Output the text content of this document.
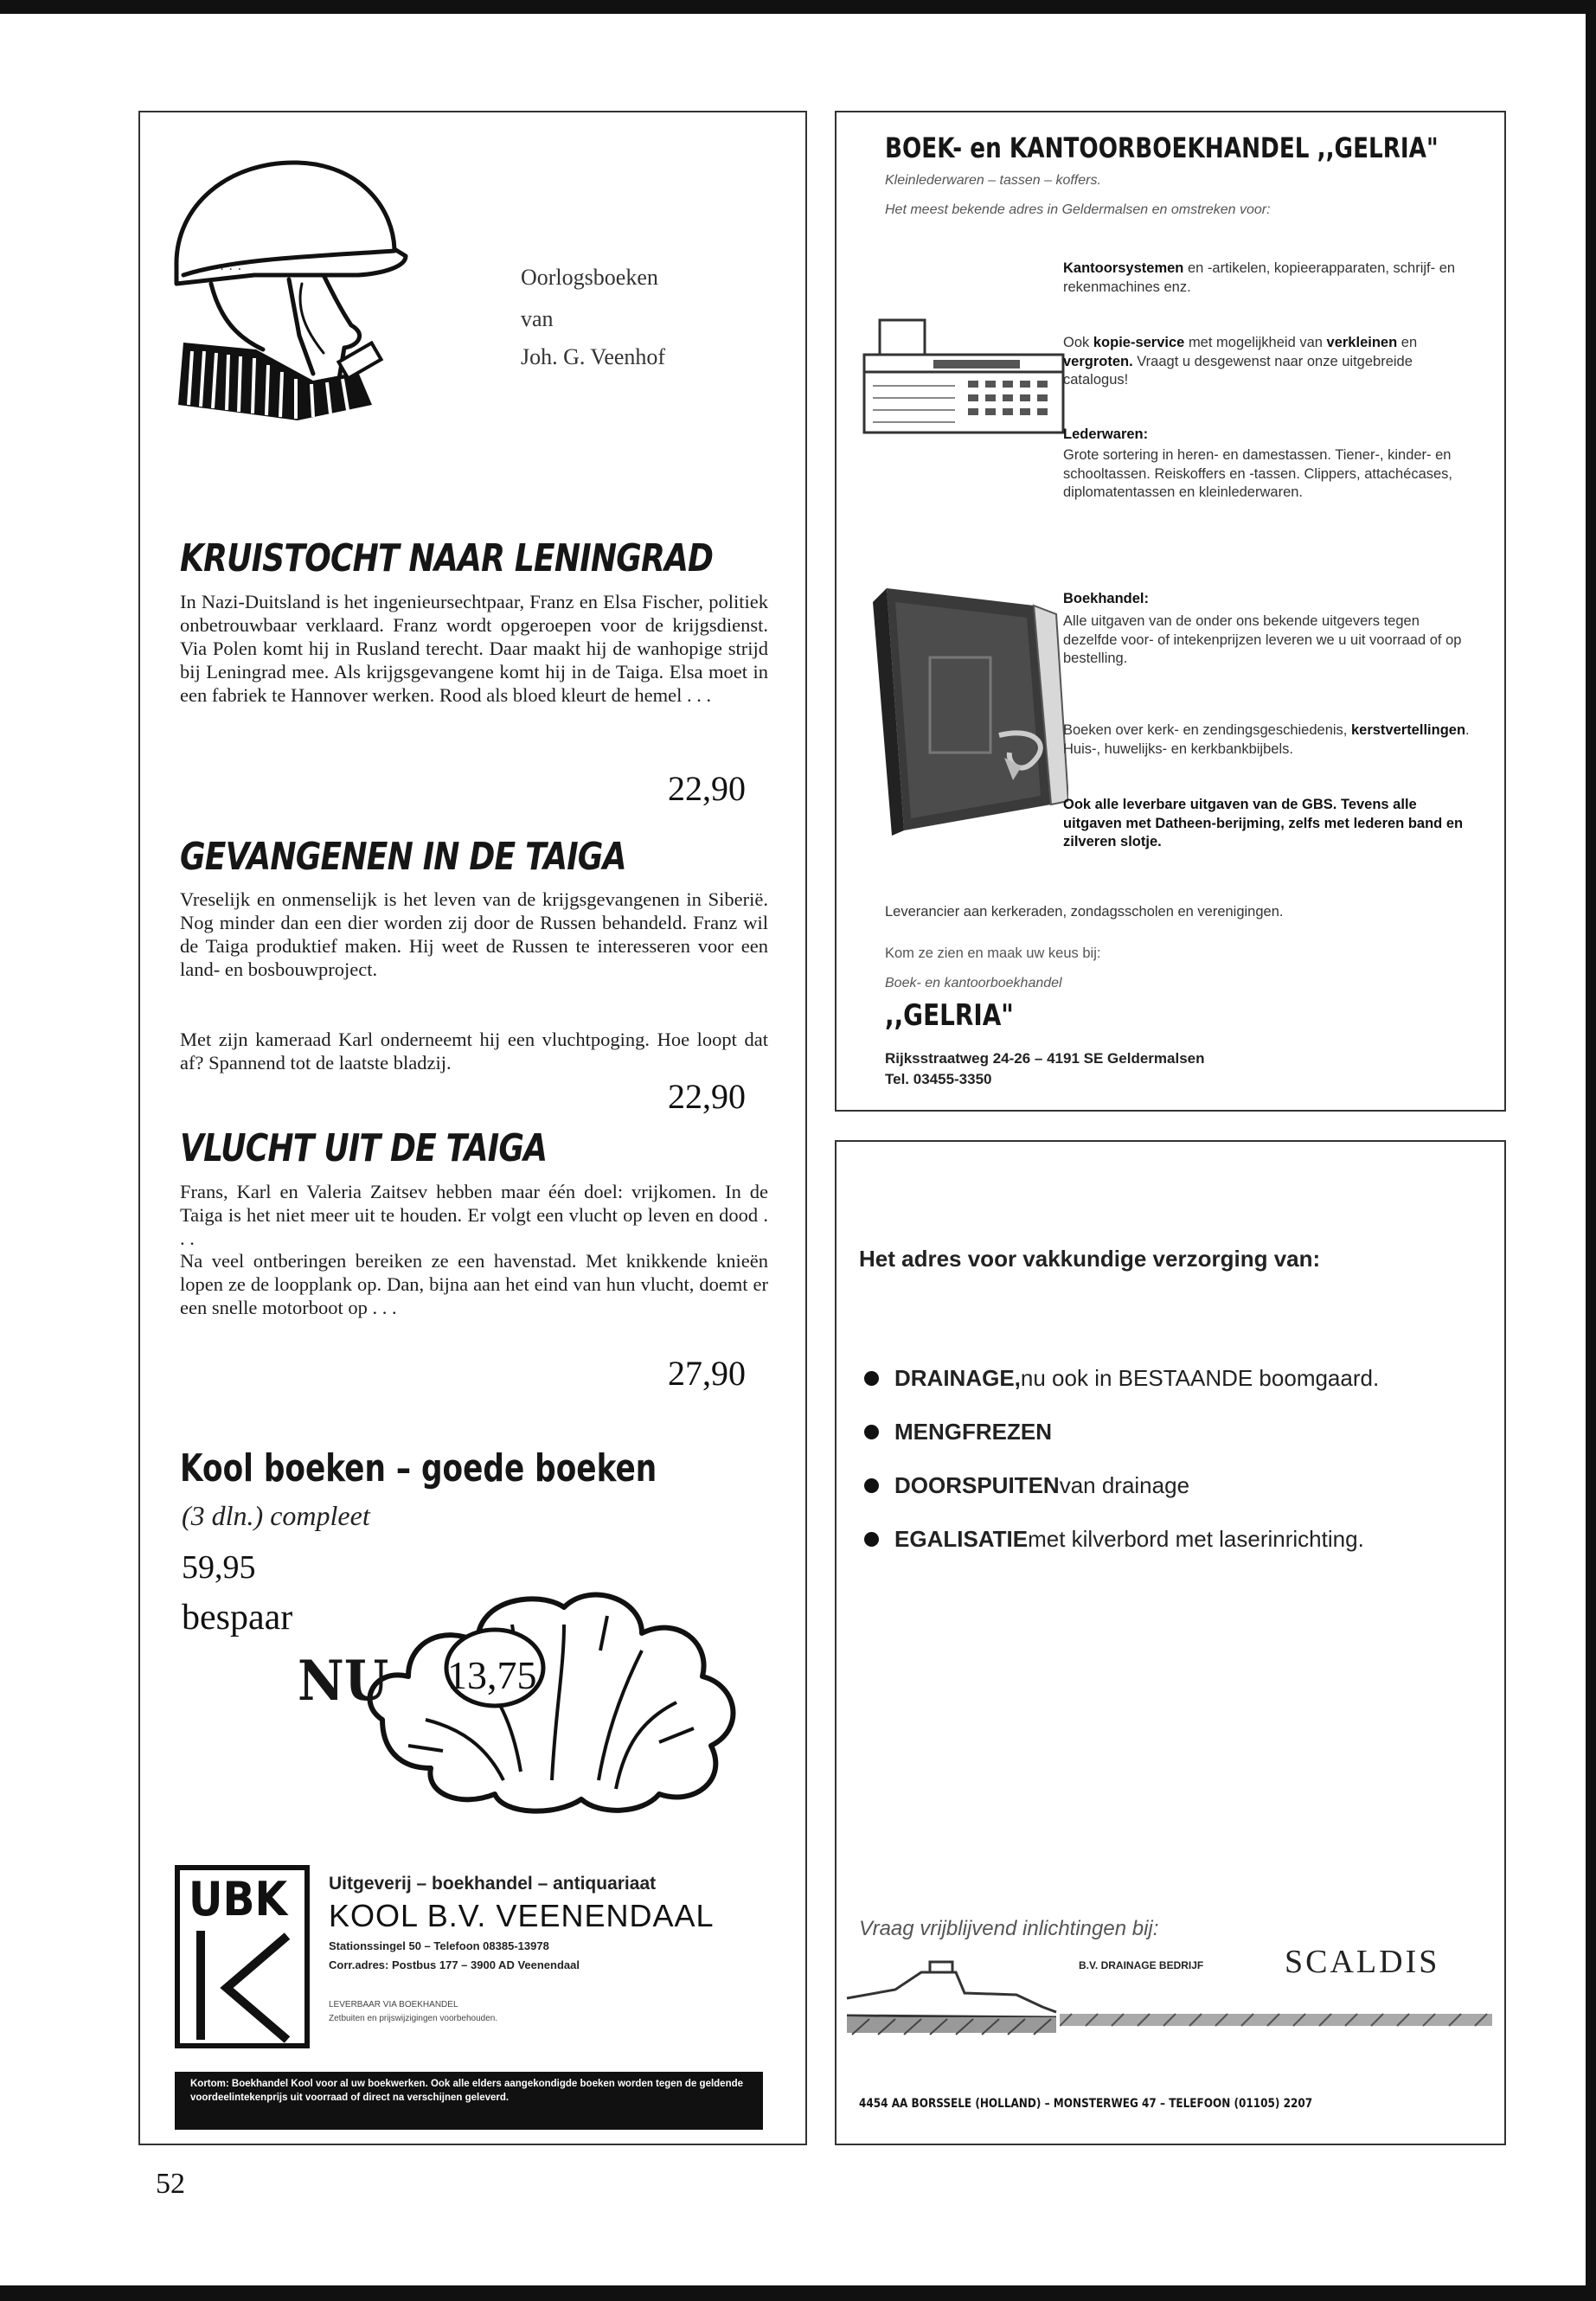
. . .	Oorlogsboeken
van
Joh. G. Veenhof
KRUISTOCHT NAAR LENINGRAD
In Nazi-Duitsland is het ingenieursechtpaar, Franz en Elsa Fischer, politiek onbetrouwbaar verklaard. Franz wordt opgeroepen voor de krijgsdienst. Via Polen komt hij in Rusland terecht. Daar maakt hij de wanhopige strijd bij Leningrad mee. Als krijgsgevangene komt hij in de Taiga. Elsa moet in een fabriek te Hannover werken. Rood als bloed kleurt de hemel . . .
22,90
GEVANGENEN IN DE TAIGA
Vreselijk en onmenselijk is het leven van de krijgsgevangenen in Siberië. Nog minder dan een dier worden zij door de Russen behandeld. Franz wil de Taiga produktief maken. Hij weet de Russen te interesseren voor een land- en bosbouwproject.
Met zijn kameraad Karl onderneemt hij een vluchtpoging. Hoe loopt dat af? Spannend tot de laatste bladzij.
22,90
VLUCHT UIT DE TAIGA
Frans, Karl en Valeria Zaitsev hebben maar één doel: vrijkomen. In de Taiga is het niet meer uit te houden. Er volgt een vlucht op leven en dood . . .
Na veel ontberingen bereiken ze een havenstad. Met knikkende knieën lopen ze de loopplank op. Dan, bijna aan het eind van hun vlucht, doemt er een snelle motorboot op . . .
27,90
Kool boeken – goede boeken
(3 dln.) compleet
59,95
bespaar
13,75
NU
UBK Uitgeverij – boekhandel – antiquariaat
KOOL B.V. VEENENDAAL
Stationssingel 50 – Telefoon 08385-13978
Corr.adres: Postbus 177 – 3900 AD Veenendaal
LEVERBAAR VIA BOEKHANDEL
Zetbuiten en prijswijzigingen voorbehouden.
Kortom: Boekhandel Kool voor al uw boekwerken. Ook alle elders aangekondigde boeken worden tegen de geldende voordeelintekenprijs uit voorraad of direct na verschijnen geleverd.
BOEK- en KANTOORBOEKHANDEL ,,GELRIA"
Kleinlederwaren – tassen – koffers.
Het meest bekende adres in Geldermalsen en omstreken voor:
Kantoorsystemen en -artikelen, kopieerapparaten, schrijf- en rekenmachines enz.
Ook kopie-service met mogelijkheid van verkleinen en vergroten. Vraagt u desgewenst naar onze uitgebreide catalogus!
Lederwaren:
Grote sortering in heren- en damestassen. Tiener-, kinder- en schooltassen. Reiskoffers en -tassen. Clippers, attachécases, diplomatentassen en kleinlederwaren.
Boekhandel:
Alle uitgaven van de onder ons bekende uitgevers tegen dezelfde voor- of intekenprijzen leveren we u uit voorraad of op bestelling.
Boeken over kerk- en zendingsgeschiedenis, kerstvertellingen. Huis-, huwelijks- en kerkbankbijbels.
Ook alle leverbare uitgaven van de GBS. Tevens alle uitgaven met Datheen-berijming, zelfs met lederen band en zilveren slotje.
Leverancier aan kerkeraden, zondagsscholen en verenigingen.
Kom ze zien en maak uw keus bij:
Boek- en kantoorboekhandel
,,GELRIA"
Rijksstraatweg 24-26 – 4191 SE Geldermalsen
Tel. 03455-3350
Het adres voor vakkundige verzorging van:
DRAINAGE, nu ook in BESTAANDE boomgaard.
MENGFREZEN
DOORSPUITEN van drainage
EGALISATIE met kilverbord met laserinrichting.
Vraag vrijblijvend inlichtingen bij:
B.V. DRAINAGE BEDRIJF SCALDIS
4454 AA BORSSELE (HOLLAND) – MONSTERWEG 47 – TELEFOON (01105) 2207
52
